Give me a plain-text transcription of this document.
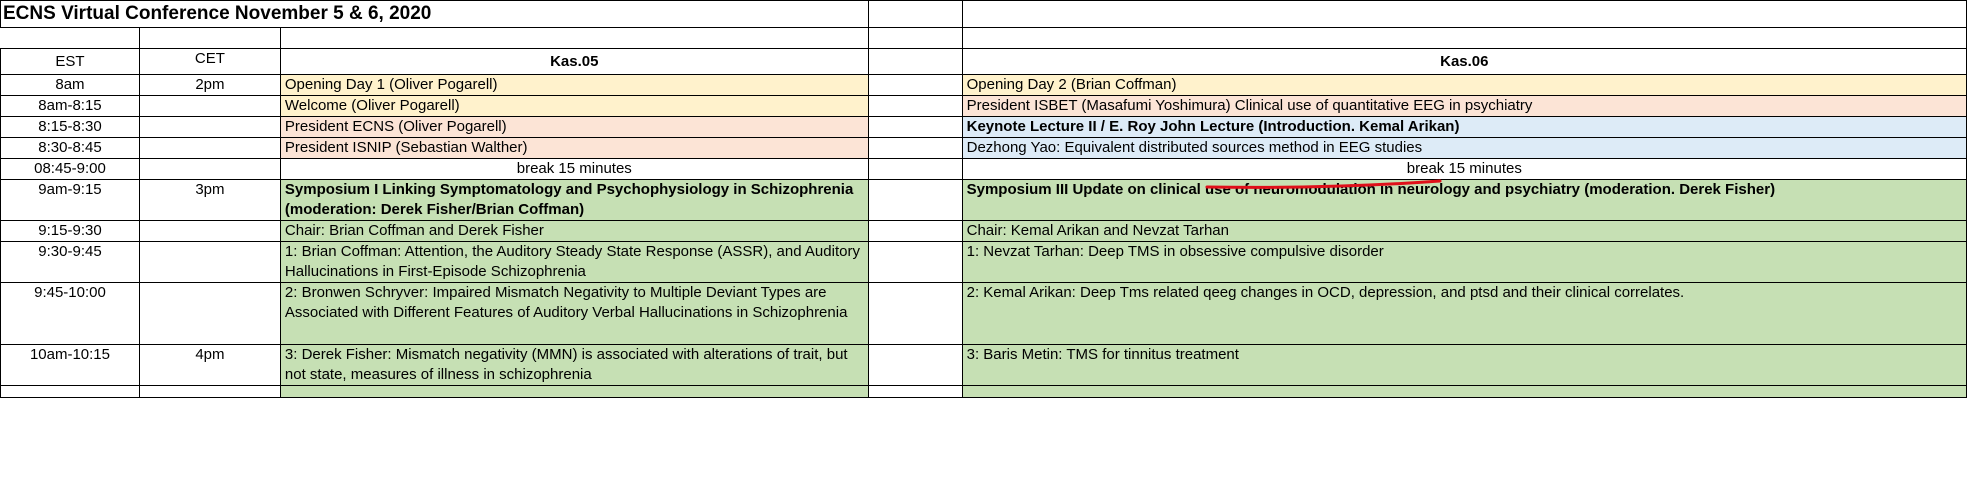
ECNS Virtual Conference November 5 & 6, 2020				

EST	CET	Kas.05		Kas.06
8am	2pm	Opening Day 1 (Oliver Pogarell)		Opening Day 2 (Brian Coffman)
8am-8:15		Welcome (Oliver Pogarell)		President ISBET (Masafumi Yoshimura) Clinical use of quantitative EEG in psychiatry
8:15-8:30		President ECNS (Oliver Pogarell)		Keynote Lecture II / E. Roy John Lecture (Introduction. Kemal Arikan)
8:30-8:45		President ISNIP (Sebastian Walther)		Dezhong Yao: Equivalent distributed sources method in EEG studies
08:45-9:00		break 15 minutes		break 15 minutes
9am-9:15	3pm	Symposium I Linking Symptomatology and Psychophysiology in Schizophrenia (moderation: Derek Fisher/Brian Coffman)		Symposium III Update on clinical use of neuromodulation in neurology and psychiatry (moderation. Derek Fisher)
9:15-9:30		Chair: Brian Coffman and Derek Fisher		Chair: Kemal Arikan and Nevzat Tarhan
9:30-9:45		1: Brian Coffman: Attention, the Auditory Steady State Response (ASSR), and Auditory Hallucinations in First-Episode Schizophrenia		1: Nevzat Tarhan: Deep TMS in obsessive compulsive disorder
9:45-10:00		2: Bronwen Schryver: Impaired Mismatch Negativity to Multiple Deviant Types are Associated with Different Features of Auditory Verbal Hallucinations in Schizophrenia		2: Kemal Arikan: Deep Tms related qeeg changes in OCD, depression, and ptsd and their clinical correlates.
10am-10:15	4pm	3: Derek Fisher: Mismatch negativity (MMN) is associated with alterations of trait, but not state, measures of illness in schizophrenia		3: Baris Metin: TMS for tinnitus treatment
